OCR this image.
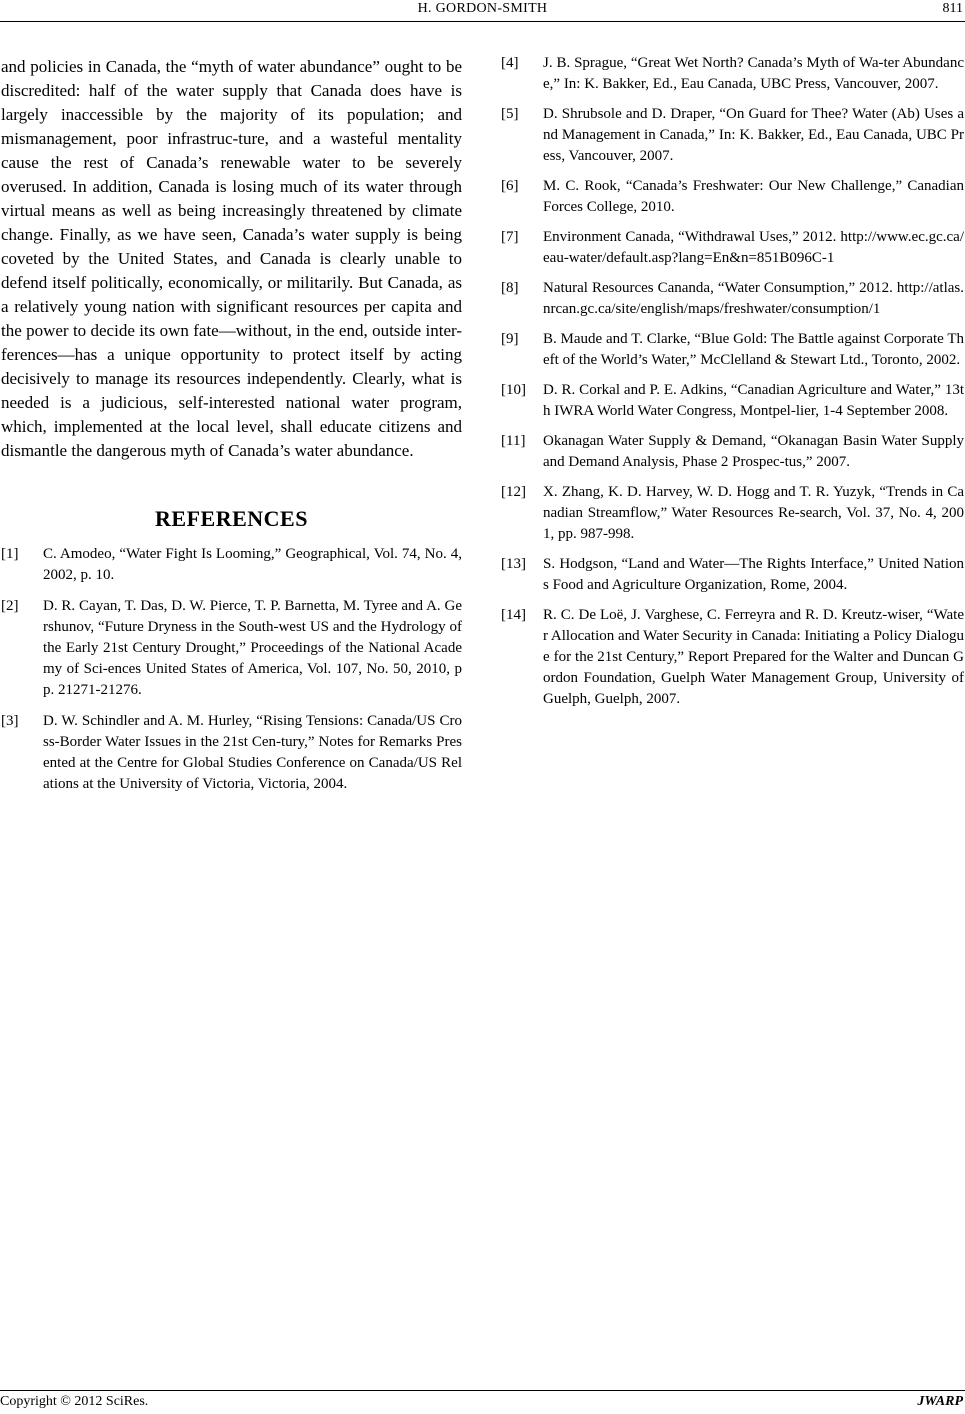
H. GORDON-SMITH	811

and policies in Canada, the “myth of water abundance” ought to be discredited: half of the water supply that Canada does have is largely inaccessible by the majority of its population; and mismanagement, poor infrastruc-ture, and a wasteful mentality cause the rest of Canada’s renewable water to be severely overused. In addition, Canada is losing much of its water through virtual means as well as being increasingly threatened by climate change. Finally, as we have seen, Canada’s water supply is being coveted by the United States, and Canada is clearly unable to defend itself politically, economically, or militarily. But Canada, as a relatively young nation with significant resources per capita and the power to decide its own fate—without, in the end, outside inter-ferences—has a unique opportunity to protect itself by acting decisively to manage its resources independently. Clearly, what is needed is a judicious, self-interested national water program, which, implemented at the local level, shall educate citizens and dismantle the dangerous myth of Canada’s water abundance.

REFERENCES
[1]	C. Amodeo, “Water Fight Is Looming,” Geographical, Vol. 74, No. 4, 2002, p. 10.
[2]	D. R. Cayan, T. Das, D. W. Pierce, T. P. Barnetta, M. Tyree and A. Gershunov, “Future Dryness in the South-west US and the Hydrology of the Early 21st Century Drought,” Proceedings of the National Academy of Sci-ences United States of America, Vol. 107, No. 50, 2010, pp. 21271-21276.
[3]	D. W. Schindler and A. M. Hurley, “Rising Tensions: Canada/US Cross-Border Water Issues in the 21st Cen-tury,” Notes for Remarks Presented at the Centre for Global Studies Conference on Canada/US Relations at the University of Victoria, Victoria, 2004.
[4]	J. B. Sprague, “Great Wet North? Canada’s Myth of Wa-ter Abundance,” In: K. Bakker, Ed., Eau Canada, UBC Press, Vancouver, 2007.
[5]	D. Shrubsole and D. Draper, “On Guard for Thee? Water (Ab) Uses and Management in Canada,” In: K. Bakker, Ed., Eau Canada, UBC Press, Vancouver, 2007.
[6]	M. C. Rook, “Canada’s Freshwater: Our New Challenge,” Canadian Forces College, 2010.
[7]	Environment Canada, “Withdrawal Uses,” 2012. http://www.ec.gc.ca/eau-water/default.asp?lang=En&n=851B096C-1
[8]	Natural Resources Cananda, “Water Consumption,” 2012. http://atlas.nrcan.gc.ca/site/english/maps/freshwater/consumption/1
[9]	B. Maude and T. Clarke, “Blue Gold: The Battle against Corporate Theft of the World’s Water,” McClelland & Stewart Ltd., Toronto, 2002.
[10]	D. R. Corkal and P. E. Adkins, “Canadian Agriculture and Water,” 13th IWRA World Water Congress, Montpel-lier, 1-4 September 2008.
[11]	Okanagan Water Supply & Demand, “Okanagan Basin Water Supply and Demand Analysis, Phase 2 Prospec-tus,” 2007.
[12]	X. Zhang, K. D. Harvey, W. D. Hogg and T. R. Yuzyk, “Trends in Canadian Streamflow,” Water Resources Re-search, Vol. 37, No. 4, 2001, pp. 987-998.
[13]	S. Hodgson, “Land and Water—The Rights Interface,” United Nations Food and Agriculture Organization, Rome, 2004.
[14]	R. C. De Loë, J. Varghese, C. Ferreyra and R. D. Kreutz-wiser, “Water Allocation and Water Security in Canada: Initiating a Policy Dialogue for the 21st Century,” Report Prepared for the Walter and Duncan Gordon Foundation, Guelph Water Management Group, University of Guelph, Guelph, 2007.
Copyright © 2012 SciRes.	JWARP
